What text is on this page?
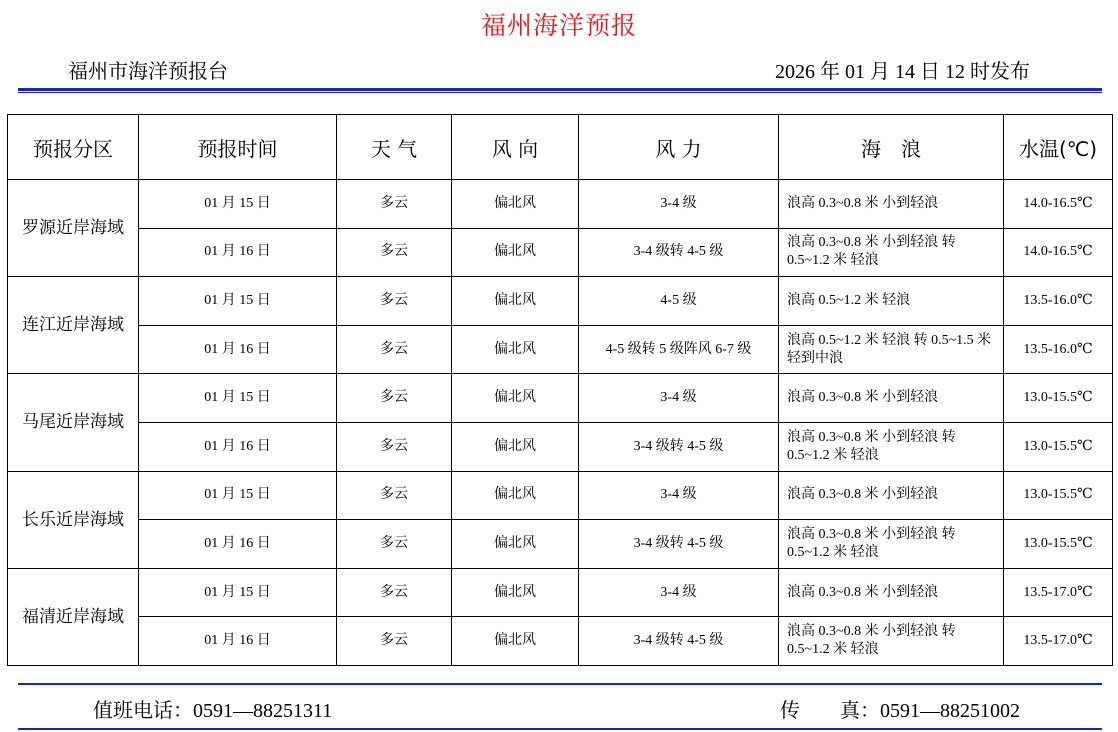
福州海洋预报
福州市海洋预报台	2026 年 01 月 14 日 12 时发布
预报分区	预报时间	天 气	风 向	风 力	海　浪	水温(℃)
罗源近岸海域	01 月 15 日	多云	偏北风	3-4 级	浪高 0.3~0.8 米 小到轻浪	14.0-16.5℃
	01 月 16 日	多云	偏北风	3-4 级转 4-5 级	浪高 0.3~0.8 米 小到轻浪 转 0.5~1.2 米 轻浪	14.0-16.5℃
连江近岸海域	01 月 15 日	多云	偏北风	4-5 级	浪高 0.5~1.2 米 轻浪	13.5-16.0℃
	01 月 16 日	多云	偏北风	4-5 级转 5 级阵风 6-7 级	浪高 0.5~1.2 米 轻浪 转 0.5~1.5 米 轻到中浪	13.5-16.0℃
马尾近岸海域	01 月 15 日	多云	偏北风	3-4 级	浪高 0.3~0.8 米 小到轻浪	13.0-15.5℃
	01 月 16 日	多云	偏北风	3-4 级转 4-5 级	浪高 0.3~0.8 米 小到轻浪 转 0.5~1.2 米 轻浪	13.0-15.5℃
长乐近岸海域	01 月 15 日	多云	偏北风	3-4 级	浪高 0.3~0.8 米 小到轻浪	13.0-15.5℃
	01 月 16 日	多云	偏北风	3-4 级转 4-5 级	浪高 0.3~0.8 米 小到轻浪 转 0.5~1.2 米 轻浪	13.0-15.5℃
福清近岸海域	01 月 15 日	多云	偏北风	3-4 级	浪高 0.3~0.8 米 小到轻浪	13.5-17.0℃
	01 月 16 日	多云	偏北风	3-4 级转 4-5 级	浪高 0.3~0.8 米 小到轻浪 转 0.5~1.2 米 轻浪	13.5-17.0℃
值班电话：0591—88251311	传　　真：0591—88251002
